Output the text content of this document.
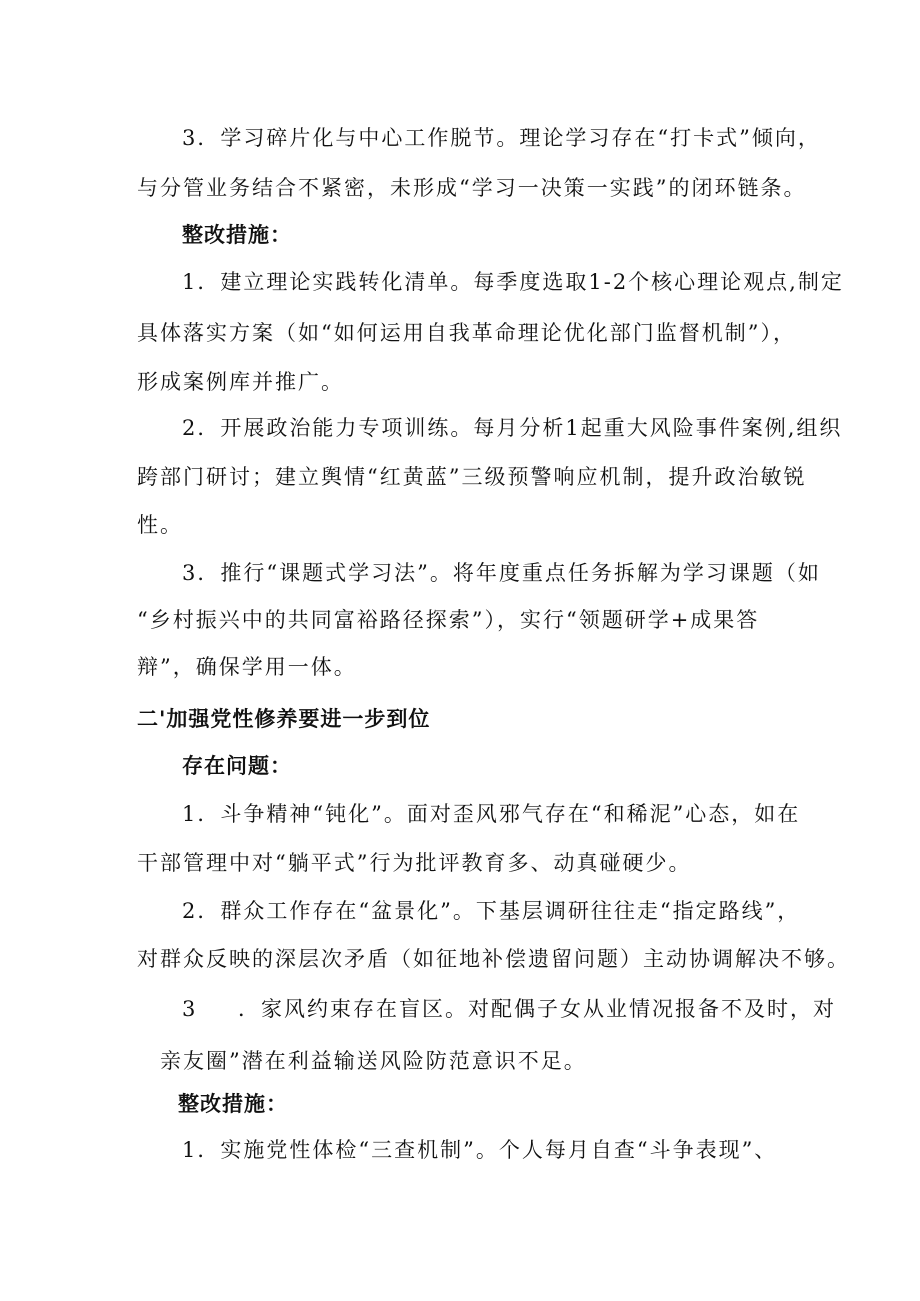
3．学习碎片化与中心工作脱节。理论学习存在“打卡式”倾向，
与分管业务结合不紧密，未形成“学习一决策一实践”的闭环链条。
整改措施：
1．建立理论实践转化清单。每季度选取1-2个核心理论观点,制定
具体落实方案（如“如何运用自我革命理论优化部门监督机制”），
形成案例库并推广。
2．开展政治能力专项训练。每月分析1起重大风险事件案例,组织
跨部门研讨；建立舆情“红黄蓝”三级预警响应机制，提升政治敏锐
性。
3．推行“课题式学习法”。将年度重点任务拆解为学习课题（如
“乡村振兴中的共同富裕路径探索”），实行“领题研学+成果答
辩”，确保学用一体。
二'加强党性修养要进一步到位
存在问题：
1．斗争精神“钝化”。面对歪风邪气存在“和稀泥”心态，如在
干部管理中对“躺平式”行为批评教育多、动真碰硬少。
2．群众工作存在“盆景化”。下基层调研往往走“指定路线”，
对群众反映的深层次矛盾（如征地补偿遗留问题）主动协调解决不够。
3 ．家风约束存在盲区。对配偶子女从业情况报备不及时，对
亲友圈”潜在利益输送风险防范意识不足。
整改措施：
1．实施党性体检“三查机制”。个人每月自查“斗争表现”、
